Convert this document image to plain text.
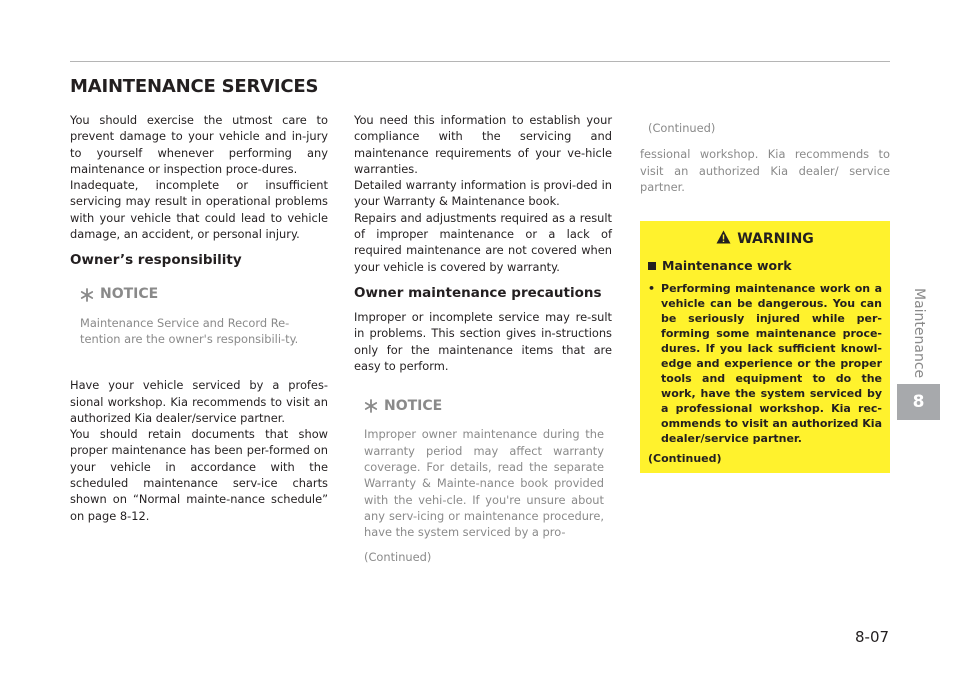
MAINTENANCE SERVICES

You should exercise the utmost care to prevent damage to your vehicle and in-jury to yourself whenever performing any maintenance or inspection proce-dures.

Inadequate, incomplete or insufficient servicing may result in operational problems with your vehicle that could lead to vehicle damage, an accident, or personal injury.

Owner’s responsibility
NOTICE

Maintenance Service and Record Re-tention are the owner's responsibili-ty.

Have your vehicle serviced by a profes-sional workshop. Kia recommends to visit an authorized Kia dealer/service partner.

You should retain documents that show proper maintenance has been per-formed on your vehicle in accordance with the scheduled maintenance serv-ice charts shown on “Normal mainte-nance schedule” on page 8-12.

You need this information to establish your compliance with the servicing and maintenance requirements of your ve-hicle warranties.

Detailed warranty information is provi-ded in your Warranty & Maintenance book.

Repairs and adjustments required as a result of improper maintenance or a lack of required maintenance are not covered when your vehicle is covered by warranty.

Owner maintenance precautions

Improper or incomplete service may re-sult in problems. This section gives in-structions only for the maintenance items that are easy to perform.

NOTICE

Improper owner maintenance during the warranty period may affect warranty coverage. For details, read the separate Warranty & Mainte-nance book provided with the vehi-cle. If you're unsure about any serv-icing or maintenance procedure, have the system serviced by a pro-

(Continued)

(Continued)

fessional workshop. Kia recommends to visit an authorized Kia dealer/ service partner.

WARNING
Maintenance work
• Performing maintenance work on a vehicle can be dangerous. You can be seriously injured while per-forming some maintenance proce-dures. If you lack sufficient knowl-edge and experience or the proper tools and equipment to do the work, have the system serviced by a professional workshop. Kia rec-ommends to visit an authorized Kia dealer/service partner.

(Continued)
Maintenance
8
8-07
